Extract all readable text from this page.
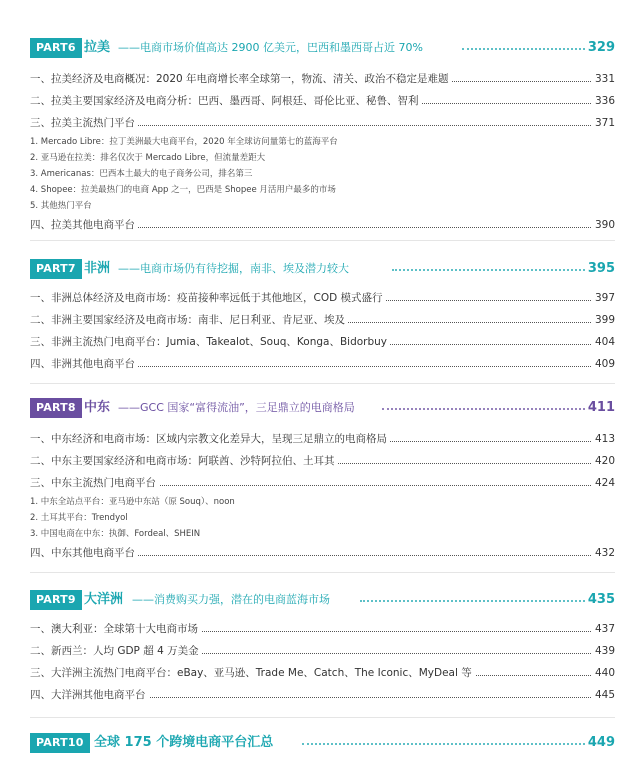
PART6 拉美 ——电商市场价值高达 2900 亿美元，巴西和墨西哥占近 70%	329
一、拉美经济及电商概况：2020 年电商增长率全球第一，物流、清关、政治不稳定是难题	331
二、拉美主要国家经济及电商分析：巴西、墨西哥、阿根廷、哥伦比亚、秘鲁、智利	336
三、拉美主流热门平台	371
1. Mercado Libre：拉丁美洲最大电商平台，2020 年全球访问量第七的蓝海平台
2. 亚马逊在拉美：排名仅次于 Mercado Libre，但流量差距大
3. Americanas：巴西本土最大的电子商务公司，排名第三
4. Shopee：拉美最热门的电商 App 之一，巴西是 Shopee 月活用户最多的市场
5. 其他热门平台
四、拉美其他电商平台	390
PART7 非洲 ——电商市场仍有待挖掘，南非、埃及潜力较大	395
一、非洲总体经济及电商市场：疫苗接种率远低于其他地区，COD 模式盛行	397
二、非洲主要国家经济及电商市场：南非、尼日利亚、肯尼亚、埃及	399
三、非洲主流热门电商平台：Jumia、Takealot、Souq、Konga、Bidorbuy	404
四、非洲其他电商平台	409
PART8 中东 ——GCC 国家“富得流油”，三足鼎立的电商格局	411
一、中东经济和电商市场：区域内宗教文化差异大，呈现三足鼎立的电商格局	413
二、中东主要国家经济和电商市场：阿联酋、沙特阿拉伯、土耳其	420
三、中东主流热门电商平台	424
1. 中东全站点平台：亚马逊中东站（原 Souq）、noon
2. 土耳其平台：Trendyol
3. 中国电商在中东：执御、Fordeal、SHEIN
四、中东其他电商平台	432
PART9 大洋洲 ——消费购买力强，潜在的电商蓝海市场	435
一、澳大利亚：全球第十大电商市场	437
二、新西兰：人均 GDP 超 4 万美金	439
三、大洋洲主流热门电商平台：eBay、亚马逊、Trade Me、Catch、The Iconic、MyDeal 等	440
四、大洋洲其他电商平台	445
PART10 全球 175 个跨境电商平台汇总	449
